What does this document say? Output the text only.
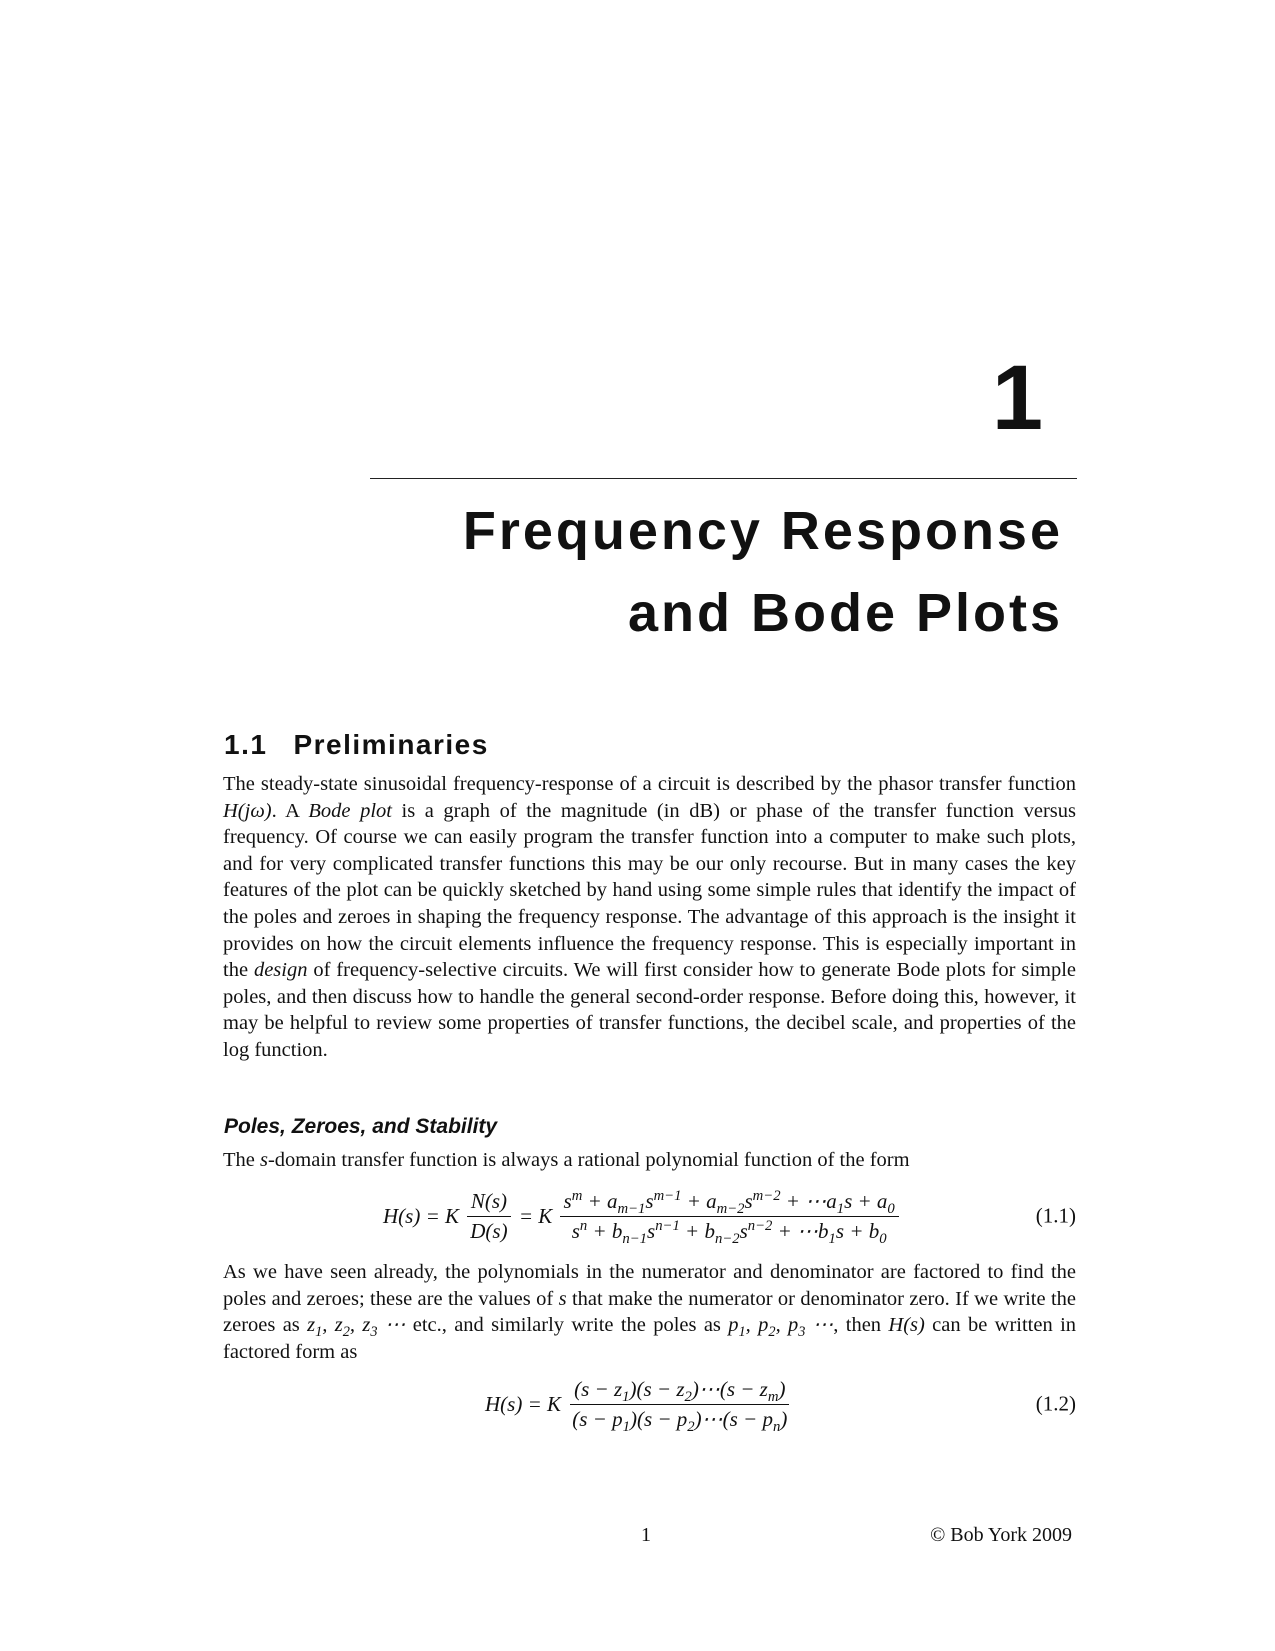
1
Frequency Response
and Bode Plots
1.1 Preliminaries

The steady-state sinusoidal frequency-response of a circuit is described by the phasor transfer function H(jω). A Bode plot is a graph of the magnitude (in dB) or phase of the transfer function versus frequency. Of course we can easily program the transfer function into a computer to make such plots, and for very complicated transfer functions this may be our only recourse. But in many cases the key features of the plot can be quickly sketched by hand using some simple rules that identify the impact of the poles and zeroes in shaping the frequency response. The advantage of this approach is the insight it provides on how the circuit elements influence the frequency response. This is especially important in the design of frequency-selective circuits. We will first consider how to generate Bode plots for simple poles, and then discuss how to handle the general second-order response. Before doing this, however, it may be helpful to review some properties of transfer functions, the decibel scale, and properties of the log function.

Poles, Zeroes, and Stability

The s-domain transfer function is always a rational polynomial function of the form

H(s) = K $\frac{N(s)}{D(s)} = K \frac{s^m + a_{m-1}s^{m-1} + a_{m-2}s^{m-2} + \cdots a_1s + a_0}{s^n + b_{n-1}s^{n-1} + b_{n-2}s^{n-2} + \cdots b_1s + b_0}$	(1.1)

As we have seen already, the polynomials in the numerator and denominator are factored to find the poles and zeroes; these are the values of s that make the numerator or denominator zero. If we write the zeroes as $z_1$, $z_2$, $z_3$ ⋯ etc., and similarly write the poles as $p_1$, $p_2$, $p_3$ ⋯, then H(s) can be written in factored form as

H(s) = K $\frac{(s - z_1)(s - z_2)\cdots(s - z_m)}{(s - p_1)(s - p_2)\cdots(s - p_n)}$	(1.2)
1	© Bob York 2009
